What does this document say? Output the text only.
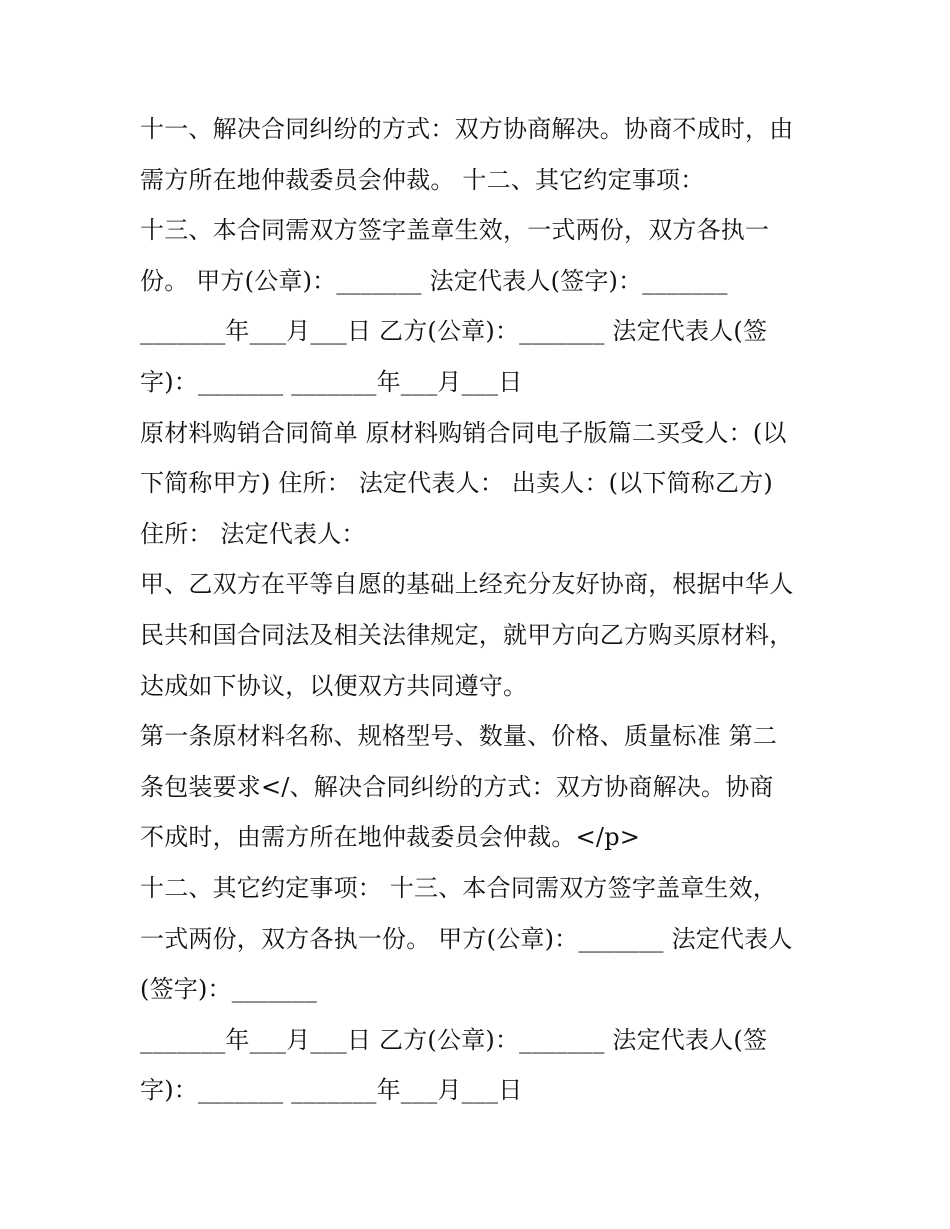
十一、解决合同纠纷的方式：双方协商解决。协商不成时，由
需方所在地仲裁委员会仲裁。 十二、其它约定事项：
十三、本合同需双方签字盖章生效，一式两份，双方各执一
份。 甲方(公章)：_______ 法定代表人(签字)：_______
_______年___月___日 乙方(公章)：_______ 法定代表人(签
字)：_______ _______年___月___日
原材料购销合同简单 原材料购销合同电子版篇二买受人：(以
下简称甲方) 住所： 法定代表人： 出卖人：(以下简称乙方)
住所： 法定代表人：
甲、乙双方在平等自愿的基础上经充分友好协商，根据中华人
民共和国合同法及相关法律规定，就甲方向乙方购买原材料，
达成如下协议，以便双方共同遵守。
第一条原材料名称、规格型号、数量、价格、质量标准 第二
条包装要求</、解决合同纠纷的方式：双方协商解决。协商
不成时，由需方所在地仲裁委员会仲裁。</p>
十二、其它约定事项： 十三、本合同需双方签字盖章生效，
一式两份，双方各执一份。 甲方(公章)：_______ 法定代表人
(签字)：_______
_______年___月___日 乙方(公章)：_______ 法定代表人(签
字)：_______ _______年___月___日
